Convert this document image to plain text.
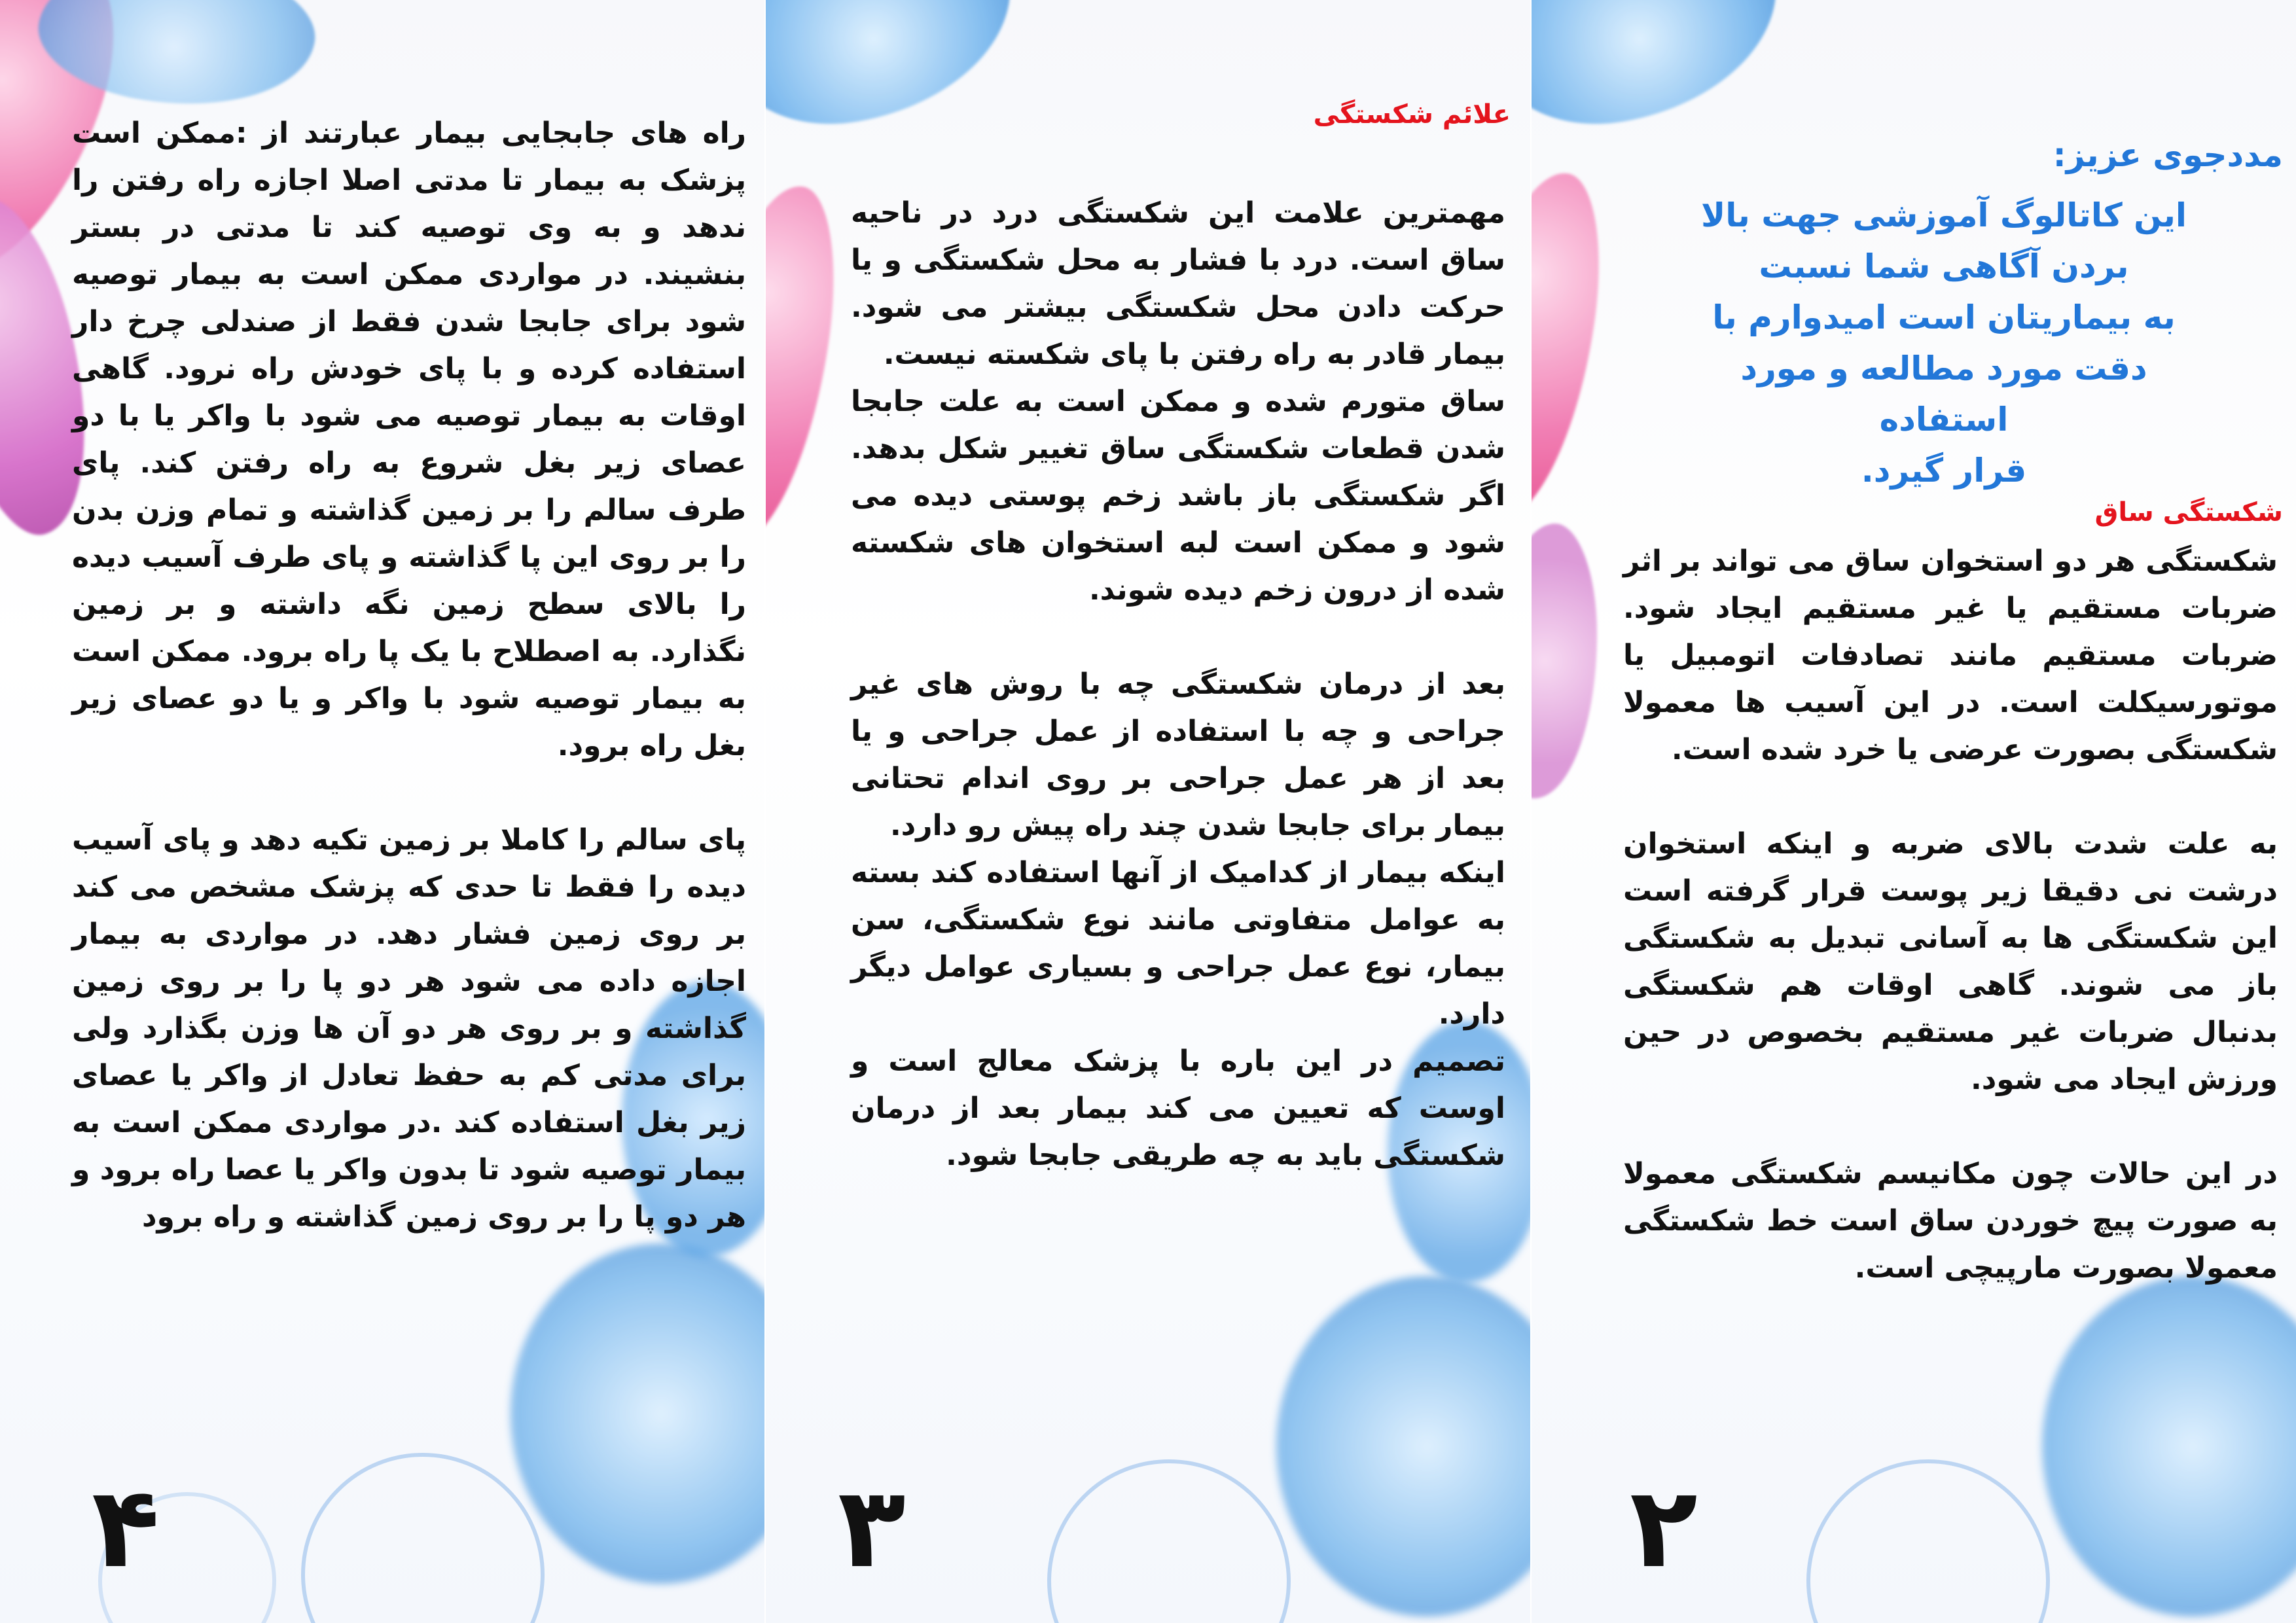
راه های جابجایی بیمار عبارتند از :ممکن است پزشک به بیمار تا مدتی اصلا اجازه راه رفتن را ندهد و به وی توصیه کند تا مدتی در بستر بنشیند. در مواردی ممکن است به بیمار توصیه شود برای جابجا شدن فقط از صندلی چرخ دار استفاده کرده و با پای خودش راه نرود. گاهی اوقات به بیمار توصیه می شود با واکر یا با دو عصای زیر بغل شروع به راه رفتن کند. پای طرف سالم را بر زمین گذاشته و تمام وزن بدن را بر روی این پا گذاشته و پای طرف آسیب دیده را بالای سطح زمین نگه داشته و بر زمین نگذارد. به اصطلاح با یک پا راه برود. ممکن است به بیمار توصیه شود با واکر و یا دو عصای زیر بغل راه برود.

پای سالم را کاملا بر زمین تکیه دهد و پای آسیب دیده را فقط تا حدی که پزشک مشخص می کند بر روی زمین فشار دهد. در مواردی به بیمار اجازه داده می شود هر دو پا را بر روی زمین گذاشته و بر روی هر دو آن ها وزن بگذارد ولی برای مدتی کم به حفظ تعادل از واکر یا عصای زیر بغل استفاده کند .در مواردی ممکن است به بیمار توصیه شود تا بدون واکر یا عصا راه برود و هر دو پا را بر روی زمین گذاشته و راه برود

۴
علائم شکستگی

مهمترین علامت این شکستگی درد در ناحیه ساق است. درد با فشار به محل شکستگی و یا حرکت دادن محل شکستگی بیشتر می شود. بیمار قادر به راه رفتن با پای شکسته نیست.
ساق متورم شده و ممکن است به علت جابجا شدن قطعات شکستگی ساق تغییر شکل بدهد. اگر شکستگی باز باشد زخم پوستی دیده می شود و ممکن است لبه استخوان های شکسته شده از درون زخم دیده شوند.

بعد از درمان شکستگی چه با روش های غیر جراحی و چه با استفاده از عمل جراحی و یا بعد از هر عمل جراحی بر روی اندام تحتانی بیمار برای جابجا شدن چند راه پیش رو دارد.
اینکه بیمار از کدامیک از آنها استفاده کند بسته به عوامل متفاوتی مانند نوع شکستگی، سن بیمار، نوع عمل جراحی و بسیاری عوامل دیگر دارد.
تصمیم در این باره با پزشک معالج است و اوست که تعیین می کند بیمار بعد از درمان شکستگی باید به چه طریقی جابجا شود.

۳
مددجوی عزیز:
این کاتالوگ آموزشی جهت بالا
بردن آگاهی شما نسبت
به بیماریتان است امیدوارم با
دقت مورد مطالعه و مورد استفاده
قرار گیرد.
شکستگی ساق

شکستگی هر دو استخوان ساق می تواند بر اثر ضربات مستقیم یا غیر مستقیم ایجاد شود. ضربات مستقیم مانند تصادفات اتومبیل یا موتورسیکلت است. در این آسیب ها معمولا شکستگی بصورت عرضی یا خرد شده است.

به علت شدت بالای ضربه و اینکه استخوان درشت نی دقیقا زیر پوست قرار گرفته است این شکستگی ها به آسانی تبدیل به شکستگی باز می شوند. گاهی اوقات هم شکستگی بدنبال ضربات غیر مستقیم بخصوص در حین ورزش ایجاد می شود.

در این حالات چون مکانیسم شکستگی معمولا به صورت پیچ خوردن ساق است خط شکستگی معمولا بصورت مارپیچی است.

۲
